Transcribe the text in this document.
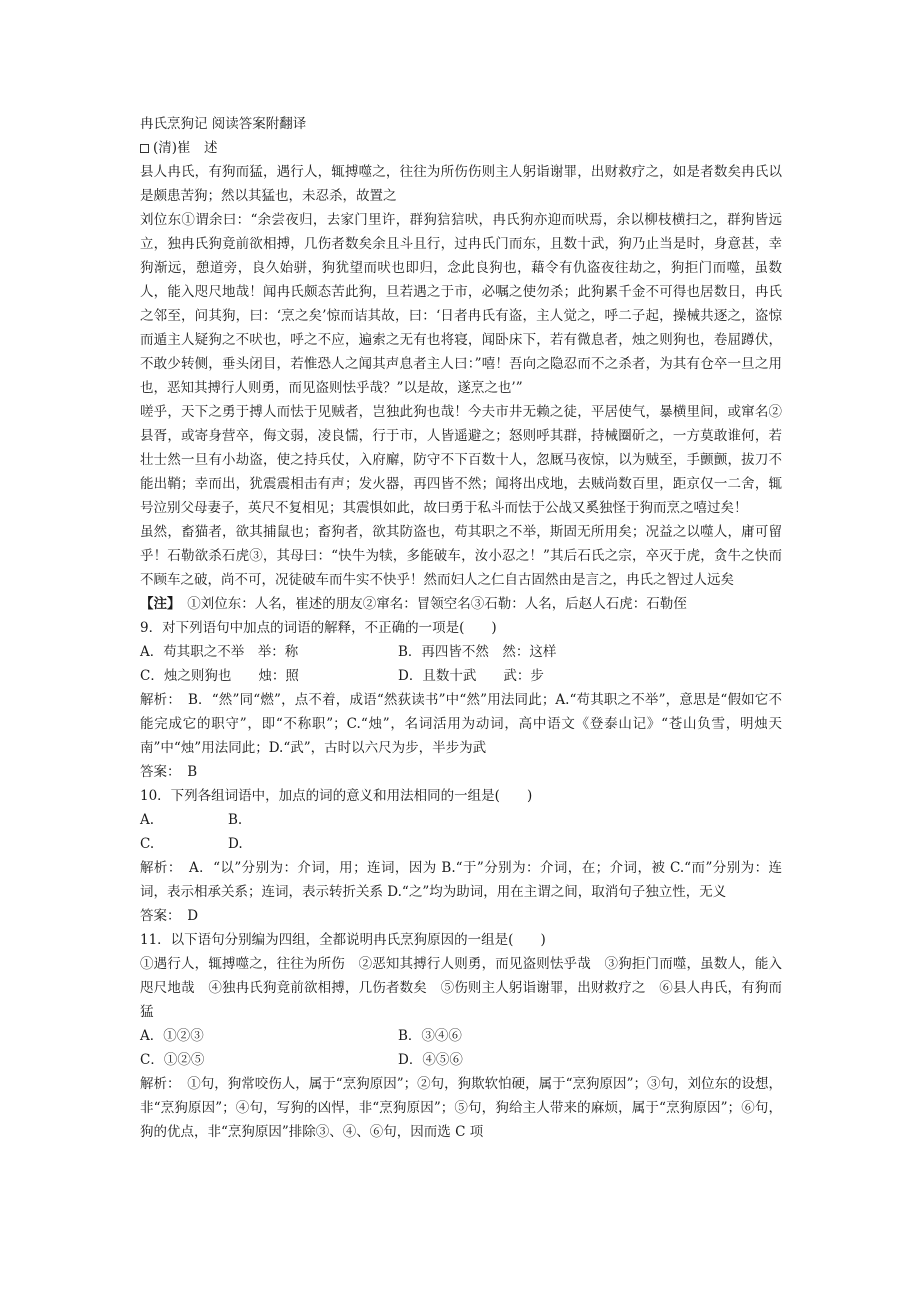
冉氏烹狗记 阅读答案附翻译

(清)崔　述

县人冉氏，有狗而猛，遇行人，辄搏噬之，往往为所伤伤则主人躬诣谢罪，出财救疗之，如是者数矣冉氏以是颇患苦狗；然以其猛也，未忍杀，故置之

刘位东①谓余曰：“余尝夜归，去家门里许，群狗狺狺吠，冉氏狗亦迎而吠焉，余以柳枝横扫之，群狗皆远立，独冉氏狗竟前欲相搏，几伤者数矣余且斗且行，过冉氏门而东，且数十武，狗乃止当是时，身意甚，幸狗渐远，憩道旁，良久始骈，狗犹望而吠也即归，念此良狗也，藉令有仇盗夜往劫之，狗拒门而噬，虽数人，能入咫尺地哉！闻冉氏颇态苦此狗，旦若遇之于市，必嘱之使勿杀；此狗累千金不可得也居数日，冉氏之邻至，问其狗，曰：‘烹之矣’惊而诘其故，曰：‘日者冉氏有盗，主人觉之，呼二子起，操械共逐之，盗惊而遁主人疑狗之不吠也，呼之不应，遍索之无有也将寝，闻卧床下，若有微息者，烛之则狗也，卷屈蹲伏，不敢少转侧，垂头闭目，若惟恐人之闻其声息者主人曰：”嘻！吾向之隐忍而不之杀者，为其有仓卒一旦之用也，恶知其搏行人则勇，而见盗则怯乎哉？”以是故，遂烹之也’”

嗟乎，天下之勇于搏人而怯于见贼者，岂独此狗也哉！今夫市井无赖之徒，平居使气，暴横里间，或窜名②县胥，或寄身营卒，侮文弱，凌良懦，行于市，人皆遥避之；怒则呼其群，持械圈斫之，一方莫敢谁何，若壮士然一旦有小劫盗，使之持兵仗，入府廨，防守不下百数十人，忽厩马夜惊，以为贼至，手颤颤，拔刀不能出鞘；幸而出，犹震震相击有声；发火器，再四皆不然；闻将出戍地，去贼尚数百里，距京仅一二舍，辄号泣别父母妻子，英尺不复相见；其震惧如此，故曰勇于私斗而怯于公战又奚独怪于狗而烹之嘻过矣！

虽然，畜猫者，欲其捕鼠也；畜狗者，欲其防盗也，苟其职之不举，斯固无所用矣；况益之以噬人，庸可留乎！石勒欲杀石虎③，其母曰：“快牛为犊，多能破车，汝小忍之！”其后石氏之宗，卒灭于虎，贪牛之快而不顾车之破，尚不可，况徒破车而牛实不快乎！然而妇人之仁自古固然由是言之，冉氏之智过人远矣

【注】　①刘位东：人名，崔述的朋友②窜名：冒领空名③石勒：人名，后赵人石虎：石勒侄

9．对下列语句中加点的词语的解释，不正确的一项是(　　)

A．苟其职之不举　举：称	B．再四皆不然　然：这样
C．烛之则狗也　　烛：照	D．且数十武　　武：步

解析：　B．“然”同“燃”，点不着，成语“然荻读书”中“然”用法同此；A.“苟其职之不举”，意思是“假如它不能完成它的职守”，即“不称职”；C.“烛”，名词活用为动词，高中语文《登泰山记》“苍山负雪，明烛天南”中“烛”用法同此；D.“武”，古时以六尺为步，半步为武

答案：　B

10．下列各组词语中，加点的词的意义和用法相同的一组是(　　)

A.	B.
C.	D.

解析：　A．“以”分别为：介词，用；连词，因为 B.“于”分别为：介词，在；介词，被 C.“而”分别为：连词，表示相承关系；连词，表示转折关系 D.“之”均为助词，用在主谓之间，取消句子独立性，无义

答案：　D

11．以下语句分别编为四组，全都说明冉氏烹狗原因的一组是(　　)

①遇行人，辄搏噬之，往往为所伤　②恶知其搏行人则勇，而见盗则怯乎哉　③狗拒门而噬，虽数人，能入咫尺地哉　④独冉氏狗竟前欲相搏，几伤者数矣　⑤伤则主人躬诣谢罪，出财救疗之　⑥县人冉氏，有狗而猛

A．①②③	B．③④⑥
C．①②⑤	D．④⑤⑥

解析：　①句，狗常咬伤人，属于“烹狗原因”；②句，狗欺软怕硬，属于“烹狗原因”；③句，刘位东的设想，非“烹狗原因”；④句，写狗的凶悍，非“烹狗原因”；⑤句，狗给主人带来的麻烦，属于“烹狗原因”；⑥句，狗的优点，非“烹狗原因”排除③、④、⑥句，因而选 C 项
